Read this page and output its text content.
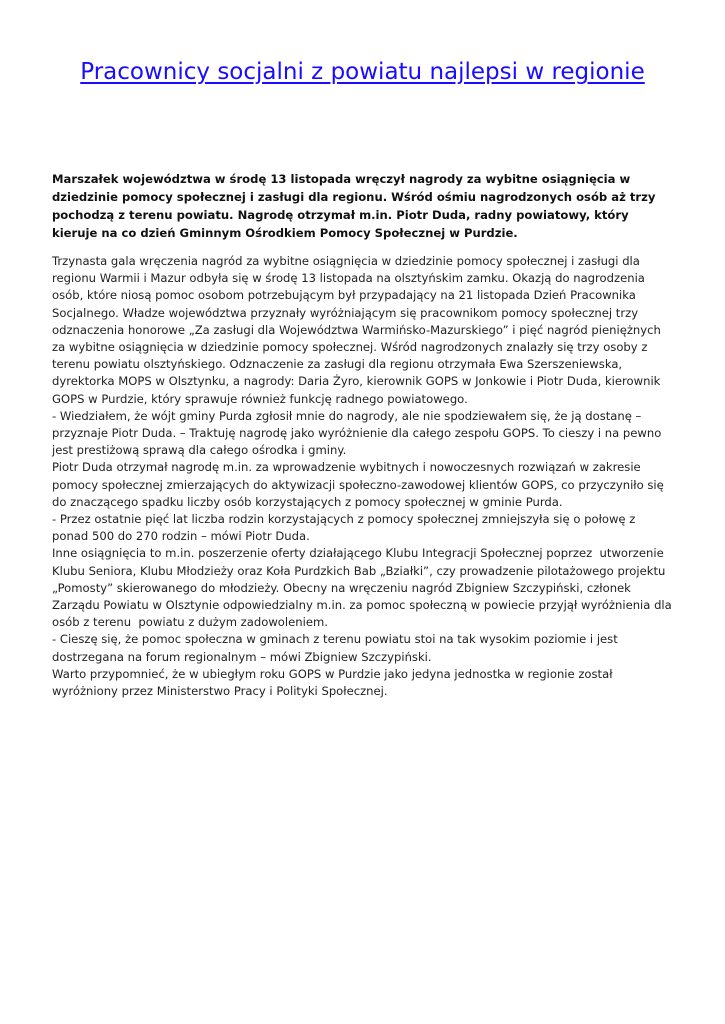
Pracownicy socjalni z powiatu najlepsi w regionie

Marszałek województwa w środę 13 listopada wręczył nagrody za wybitne osiągnięcia w dziedzinie pomocy społecznej i zasługi dla regionu. Wśród ośmiu nagrodzonych osób aż trzy pochodzą z terenu powiatu. Nagrodę otrzymał m.in. Piotr Duda, radny powiatowy, który kieruje na co dzień Gminnym Ośrodkiem Pomocy Społecznej w Purdzie.

Trzynasta gala wręczenia nagród za wybitne osiągnięcia w dziedzinie pomocy społecznej i zasługi dla regionu Warmii i Mazur odbyła się w środę 13 listopada na olsztyńskim zamku. Okazją do nagrodzenia osób, które niosą pomoc osobom potrzebującym był przypadający na 21 listopada Dzień Pracownika Socjalnego. Władze województwa przyznały wyróżniającym się pracownikom pomocy społecznej trzy odznaczenia honorowe „Za zasługi dla Województwa Warmińsko-Mazurskiego” i pięć nagród pieniężnych za wybitne osiągnięcia w dziedzinie pomocy społecznej. Wśród nagrodzonych znalazły się trzy osoby z terenu powiatu olsztyńskiego. Odznaczenie za zasługi dla regionu otrzymała Ewa Szerszeniewska, dyrektorka MOPS w Olsztynku, a nagrody: Daria Żyro, kierownik GOPS w Jonkowie i Piotr Duda, kierownik GOPS w Purdzie, który sprawuje również funkcję radnego powiatowego.

- Wiedziałem, że wójt gminy Purda zgłosił mnie do nagrody, ale nie spodziewałem się, że ją dostanę – przyznaje Piotr Duda. – Traktuję nagrodę jako wyróżnienie dla całego zespołu GOPS. To cieszy i na pewno jest prestiżową sprawą dla całego ośrodka i gminy.

Piotr Duda otrzymał nagrodę m.in. za wprowadzenie wybitnych i nowoczesnych rozwiązań w zakresie pomocy społecznej zmierzających do aktywizacji społeczno-zawodowej klientów GOPS, co przyczyniło się do znaczącego spadku liczby osób korzystających z pomocy społecznej w gminie Purda.

- Przez ostatnie pięć lat liczba rodzin korzystających z pomocy społecznej zmniejszyła się o połowę z ponad 500 do 270 rodzin – mówi Piotr Duda.

Inne osiągnięcia to m.in. poszerzenie oferty działającego Klubu Integracji Społecznej poprzez  utworzenie Klubu Seniora, Klubu Młodzieży oraz Koła Purdzkich Bab „Bziałki”, czy prowadzenie pilotażowego projektu „Pomosty” skierowanego do młodzieży. Obecny na wręczeniu nagród Zbigniew Szczypiński, członek Zarządu Powiatu w Olsztynie odpowiedzialny m.in. za pomoc społeczną w powiecie przyjął wyróżnienia dla osób z terenu  powiatu z dużym zadowoleniem.

- Cieszę się, że pomoc społeczna w gminach z terenu powiatu stoi na tak wysokim poziomie i jest dostrzegana na forum regionalnym – mówi Zbigniew Szczypiński.

Warto przypomnieć, że w ubiegłym roku GOPS w Purdzie jako jedyna jednostka w regionie został wyróżniony przez Ministerstwo Pracy i Polityki Społecznej.
